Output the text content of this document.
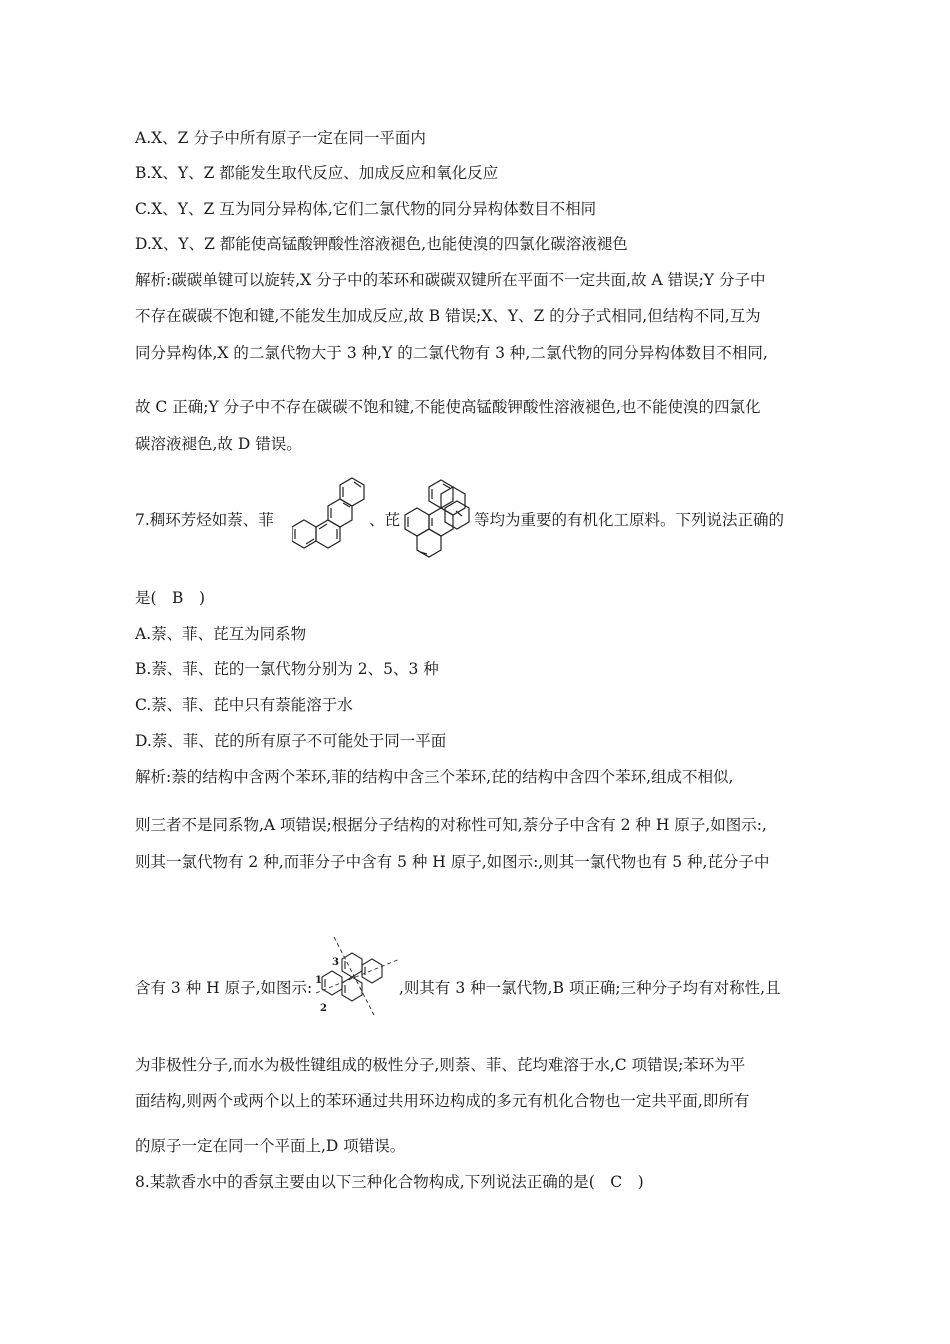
A.X、Z 分子中所有原子一定在同一平面内
B.X、Y、Z 都能发生取代反应、加成反应和氧化反应
C.X、Y、Z 互为同分异构体,它们二氯代物的同分异构体数目不相同
D.X、Y、Z 都能使高锰酸钾酸性溶液褪色,也能使溴的四氯化碳溶液褪色
解析:碳碳单键可以旋转,X 分子中的苯环和碳碳双键所在平面不一定共面,故 A 错误;Y 分子中
不存在碳碳不饱和键,不能发生加成反应,故 B 错误;X、Y、Z 的分子式相同,但结构不同,互为
同分异构体,X 的二氯代物大于 3 种,Y 的二氯代物有 3 种,二氯代物的同分异构体数目不相同,
故 C 正确;Y 分子中不存在碳碳不饱和键,不能使高锰酸钾酸性溶液褪色,也不能使溴的四氯化
碳溶液褪色,故 D 错误。
7.稠环芳烃如萘、菲	、芘	等均为重要的有机化工原料。下列说法正确的
是(　B　)
A.萘、菲、芘互为同系物
B.萘、菲、芘的一氯代物分别为 2、5、3 种
C.萘、菲、芘中只有萘能溶于水
D.萘、菲、芘的所有原子不可能处于同一平面
解析:萘的结构中含两个苯环,菲的结构中含三个苯环,芘的结构中含四个苯环,组成不相似,
则三者不是同系物,A 项错误;根据分子结构的对称性可知,萘分子中含有 2 种 H 原子,如图示:,
则其一氯代物有 2 种,而菲分子中含有 5 种 H 原子,如图示:,则其一氯代物也有 5 种,芘分子中
含有 3 种 H 原子,如图示:
3
1
2
,则其有 3 种一氯代物,B 项正确;三种分子均有对称性,且
为非极性分子,而水为极性键组成的极性分子,则萘、菲、芘均难溶于水,C 项错误;苯环为平
面结构,则两个或两个以上的苯环通过共用环边构成的多元有机化合物也一定共平面,即所有
的原子一定在同一个平面上,D 项错误。
8.某款香水中的香氛主要由以下三种化合物构成,下列说法正确的是(　C　)
